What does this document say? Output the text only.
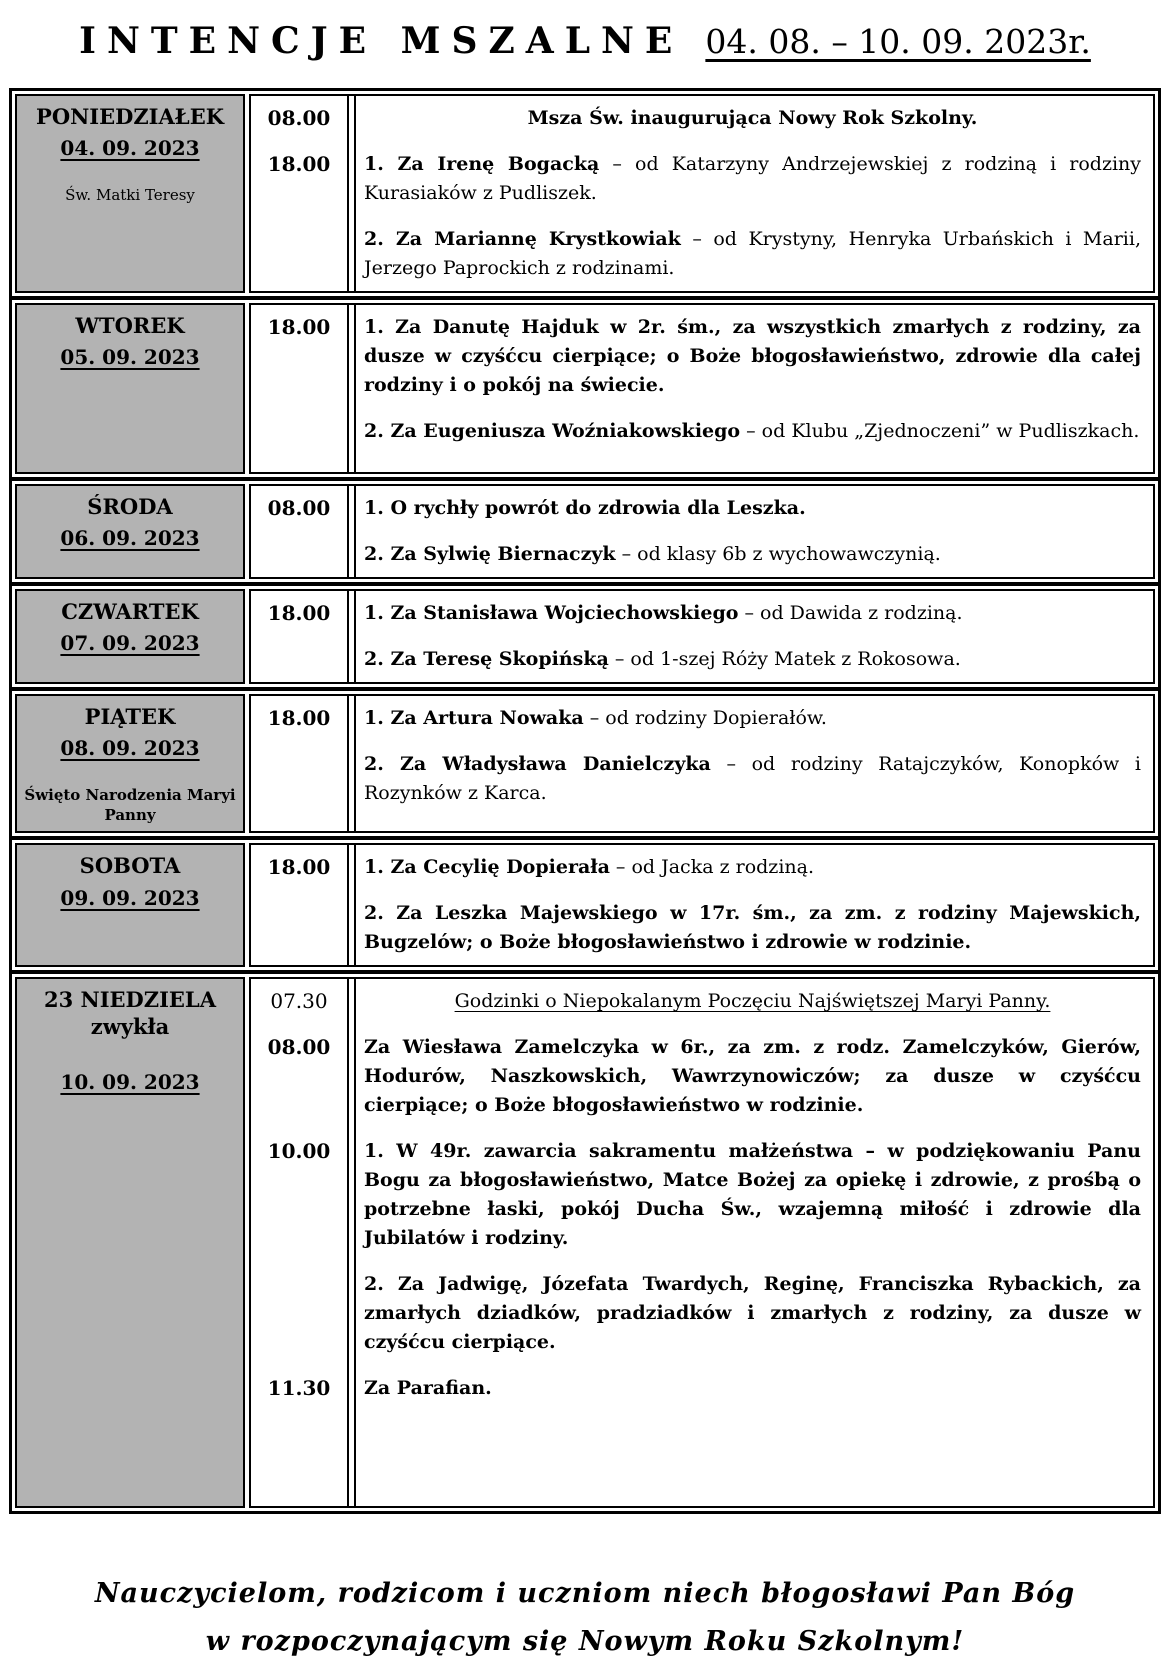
INTENCJE MSZALNE 04. 08. – 10. 09. 2023r.
PONIEDZIAŁEK
04. 09. 2023
Św. Matki Teresy
08.00	Msza Św. inaugurująca Nowy Rok Szkolny.

18.00	1. Za Irenę Bogacką – od Katarzyny Andrzejewskiej z rodziną i rodziny Kurasiaków z Pudliszek.

2. Za Mariannę Krystkowiak – od Krystyny, Henryka Urbańskich i Marii, Jerzego Paprockich z rodzinami.

WTOREK
05. 09. 2023
18.00	1. Za Danutę Hajduk w 2r. śm., za wszystkich zmarłych z rodziny, za dusze w czyśćcu cierpiące; o Boże błogosławieństwo, zdrowie dla całej rodziny i o pokój na świecie.

2. Za Eugeniusza Woźniakowskiego – od Klubu „Zjednoczeni” w Pudliszkach.

ŚRODA
06. 09. 2023
08.00	1. O rychły powrót do zdrowia dla Leszka.

2. Za Sylwię Biernaczyk – od klasy 6b z wychowawczynią.

CZWARTEK
07. 09. 2023
18.00	1. Za Stanisława Wojciechowskiego – od Dawida z rodziną.

2. Za Teresę Skopińską – od 1-szej Róży Matek z Rokosowa.

PIĄTEK
08. 09. 2023
Święto Narodzenia Maryi Panny
18.00	1. Za Artura Nowaka – od rodziny Dopierałów.

2. Za Władysława Danielczyka – od rodziny Ratajczyków, Konopków i Rozynków z Karca.

SOBOTA
09. 09. 2023
18.00	1. Za Cecylię Dopierała – od Jacka z rodziną.

2. Za Leszka Majewskiego w 17r. śm., za zm. z rodziny Majewskich, Bugzelów; o Boże błogosławieństwo i zdrowie w rodzinie.

23 NIEDZIELA
zwykła
10. 09. 2023
07.30	Godzinki o Niepokalanym Poczęciu Najświętszej Maryi Panny.

08.00	Za Wiesława Zamelczyka w 6r., za zm. z rodz. Zamelczyków, Gierów, Hodurów, Naszkowskich, Wawrzynowiczów; za dusze w czyśćcu cierpiące; o Boże błogosławieństwo w rodzinie.

10.00	1. W 49r. zawarcia sakramentu małżeństwa – w podziękowaniu Panu Bogu za błogosławieństwo, Matce Bożej za opiekę i zdrowie, z prośbą o potrzebne łaski, pokój Ducha Św., wzajemną miłość i zdrowie dla Jubilatów i rodziny.

2. Za Jadwigę, Józefata Twardych, Reginę, Franciszka Rybackich, za zmarłych dziadków, pradziadków i zmarłych z rodziny, za dusze w czyśćcu cierpiące.

11.30	Za Parafian.

Nauczycielom, rodzicom i uczniom niech błogosławi Pan Bóg
w rozpoczynającym się Nowym Roku Szkolnym!
